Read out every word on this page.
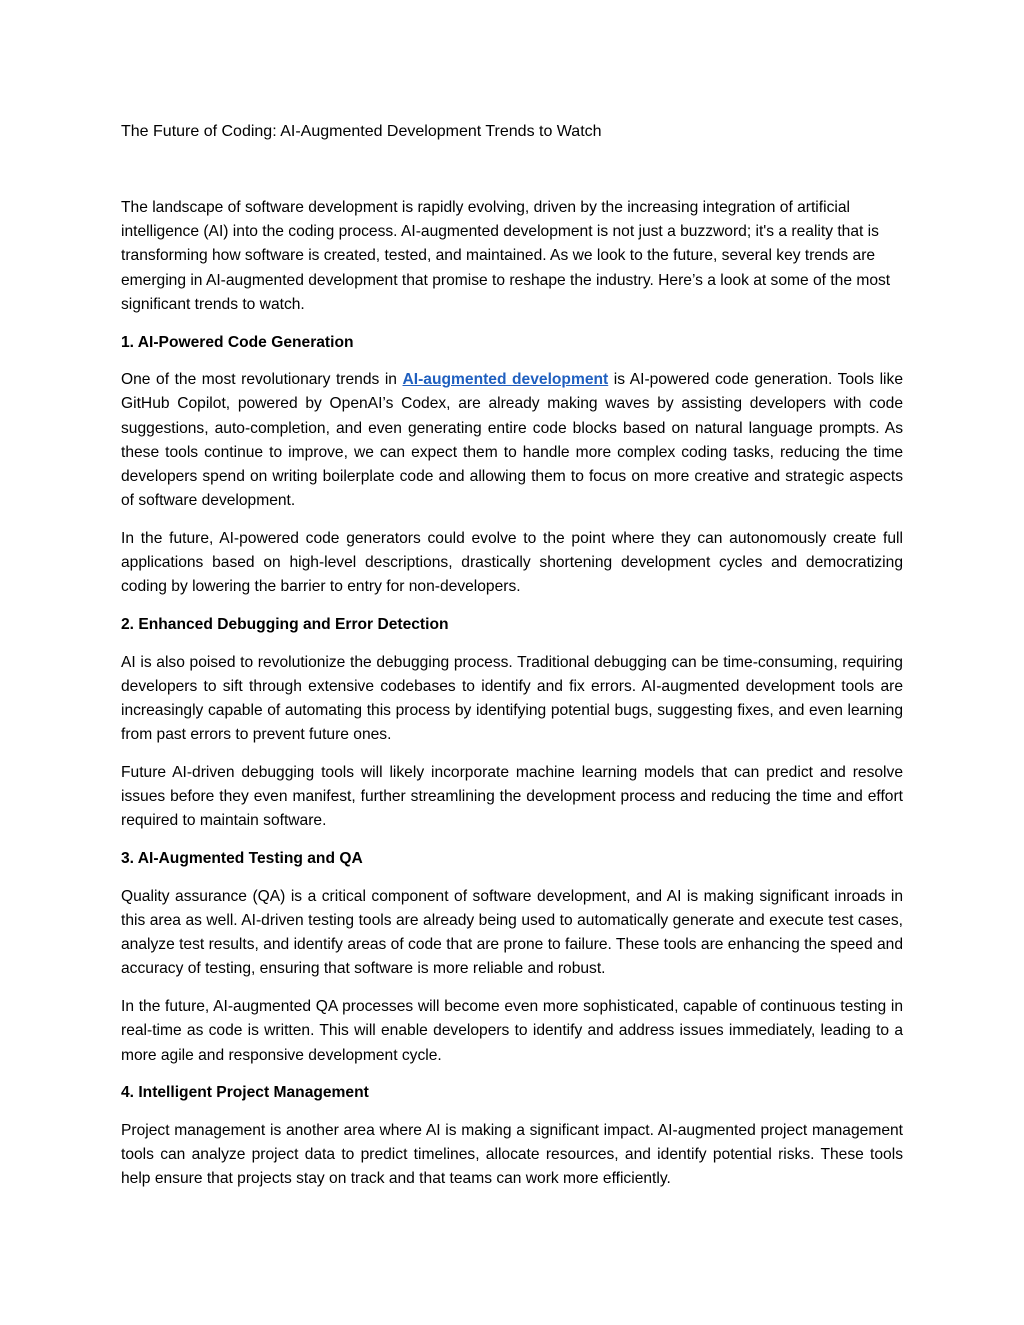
The Future of Coding: AI-Augmented Development Trends to Watch

The landscape of software development is rapidly evolving, driven by the increasing integration of artificial intelligence (AI) into the coding process. AI-augmented development is not just a buzzword; it's a reality that is transforming how software is created, tested, and maintained. As we look to the future, several key trends are emerging in AI-augmented development that promise to reshape the industry. Here’s a look at some of the most significant trends to watch.

1. AI-Powered Code Generation

One of the most revolutionary trends in AI-augmented development is AI-powered code generation. Tools like GitHub Copilot, powered by OpenAI’s Codex, are already making waves by assisting developers with code suggestions, auto-completion, and even generating entire code blocks based on natural language prompts. As these tools continue to improve, we can expect them to handle more complex coding tasks, reducing the time developers spend on writing boilerplate code and allowing them to focus on more creative and strategic aspects of software development.

In the future, AI-powered code generators could evolve to the point where they can autonomously create full applications based on high-level descriptions, drastically shortening development cycles and democratizing coding by lowering the barrier to entry for non-developers.

2. Enhanced Debugging and Error Detection

AI is also poised to revolutionize the debugging process. Traditional debugging can be time-consuming, requiring developers to sift through extensive codebases to identify and fix errors. AI-augmented development tools are increasingly capable of automating this process by identifying potential bugs, suggesting fixes, and even learning from past errors to prevent future ones.

Future AI-driven debugging tools will likely incorporate machine learning models that can predict and resolve issues before they even manifest, further streamlining the development process and reducing the time and effort required to maintain software.

3. AI-Augmented Testing and QA

Quality assurance (QA) is a critical component of software development, and AI is making significant inroads in this area as well. AI-driven testing tools are already being used to automatically generate and execute test cases, analyze test results, and identify areas of code that are prone to failure. These tools are enhancing the speed and accuracy of testing, ensuring that software is more reliable and robust.

In the future, AI-augmented QA processes will become even more sophisticated, capable of continuous testing in real-time as code is written. This will enable developers to identify and address issues immediately, leading to a more agile and responsive development cycle.

4. Intelligent Project Management

Project management is another area where AI is making a significant impact. AI-augmented project management tools can analyze project data to predict timelines, allocate resources, and identify potential risks. These tools help ensure that projects stay on track and that teams can work more efficiently.
